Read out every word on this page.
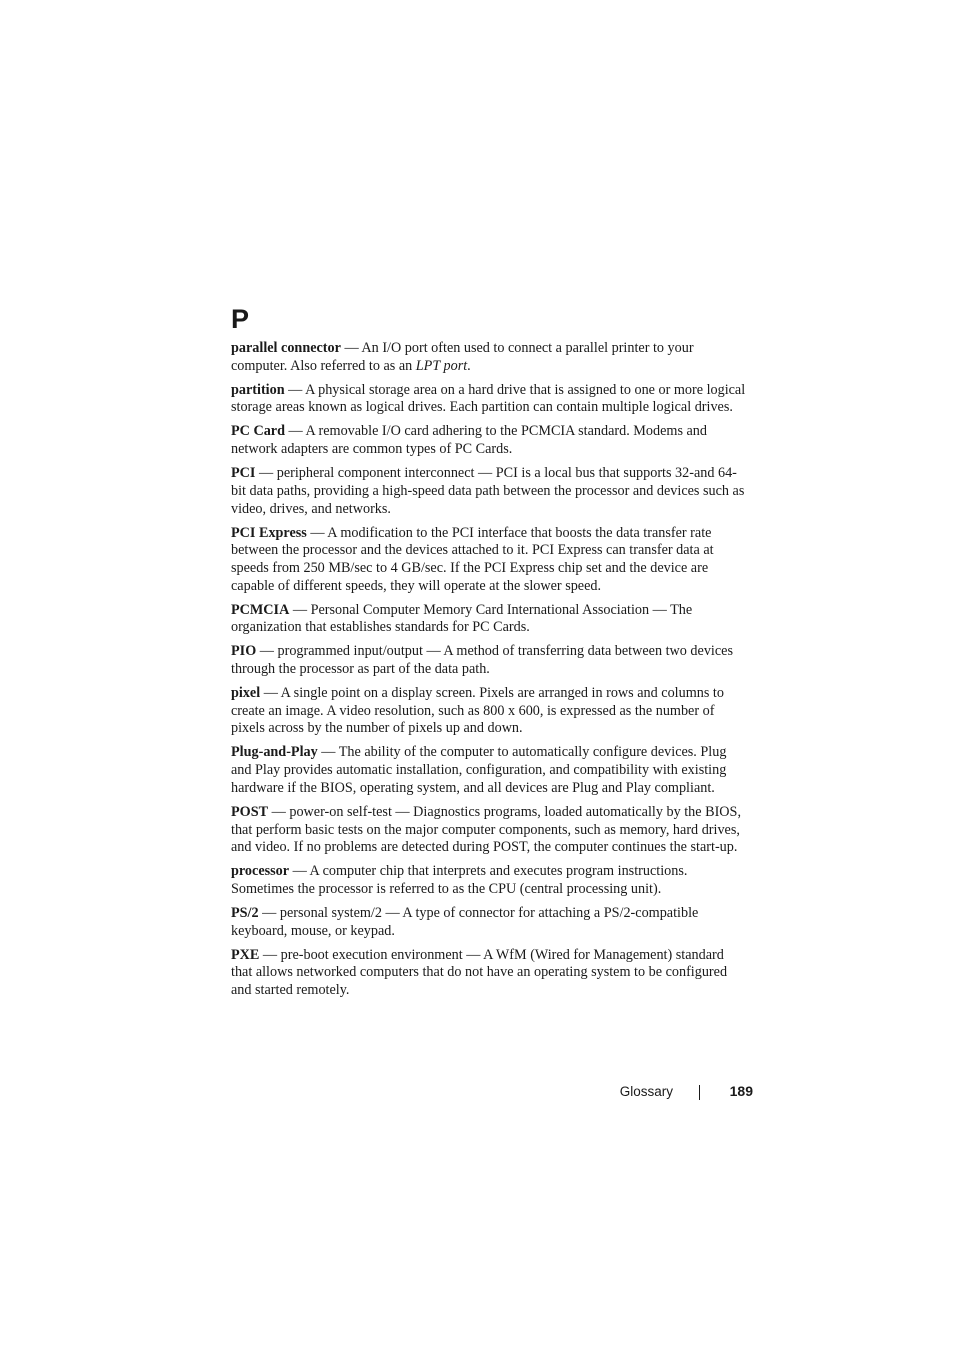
P

parallel connector — An I/O port often used to connect a parallel printer to your computer. Also referred to as an LPT port.

partition — A physical storage area on a hard drive that is assigned to one or more logical storage areas known as logical drives. Each partition can contain multiple logical drives.

PC Card — A removable I/O card adhering to the PCMCIA standard. Modems and network adapters are common types of PC Cards.

PCI — peripheral component interconnect — PCI is a local bus that supports 32-and 64-bit data paths, providing a high-speed data path between the processor and devices such as video, drives, and networks.

PCI Express — A modification to the PCI interface that boosts the data transfer rate between the processor and the devices attached to it. PCI Express can transfer data at speeds from 250 MB/sec to 4 GB/sec. If the PCI Express chip set and the device are capable of different speeds, they will operate at the slower speed.

PCMCIA — Personal Computer Memory Card International Association — The organization that establishes standards for PC Cards.

PIO — programmed input/output — A method of transferring data between two devices through the processor as part of the data path.

pixel — A single point on a display screen. Pixels are arranged in rows and columns to create an image. A video resolution, such as 800 x 600, is expressed as the number of pixels across by the number of pixels up and down.

Plug-and-Play — The ability of the computer to automatically configure devices. Plug and Play provides automatic installation, configuration, and compatibility with existing hardware if the BIOS, operating system, and all devices are Plug and Play compliant.

POST — power-on self-test — Diagnostics programs, loaded automatically by the BIOS, that perform basic tests on the major computer components, such as memory, hard drives, and video. If no problems are detected during POST, the computer continues the start-up.

processor — A computer chip that interprets and executes program instructions. Sometimes the processor is referred to as the CPU (central processing unit).

PS/2 — personal system/2 — A type of connector for attaching a PS/2-compatible keyboard, mouse, or keypad.

PXE — pre-boot execution environment — A WfM (Wired for Management) standard that allows networked computers that do not have an operating system to be configured and started remotely.

Glossary	189
